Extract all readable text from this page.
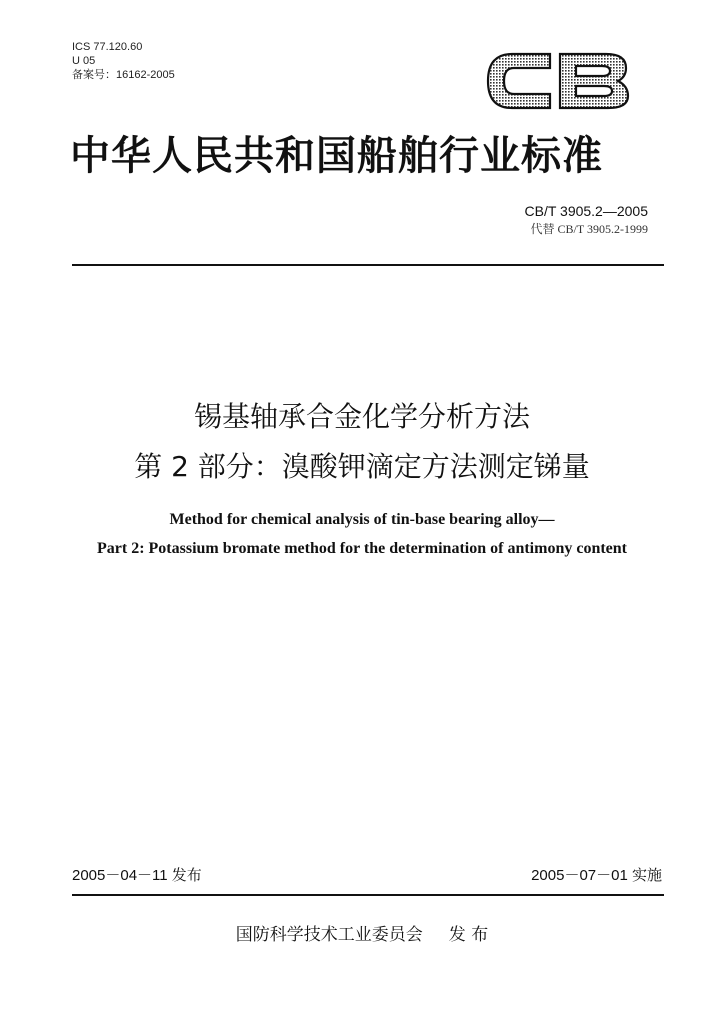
ICS 77.120.60
U 05
备案号：16162-2005
中华人民共和国船舶行业标准
CB/T 3905.2—2005
代替 CB/T 3905.2-1999
锡基轴承合金化学分析方法
第 2 部分：溴酸钾滴定方法测定锑量
Method for chemical analysis of tin-base bearing alloy—
Part 2: Potassium bromate method for the determination of antimony content
2005－04－11 发布	2005－07－01 实施
国防科学技术工业委员会 发 布
